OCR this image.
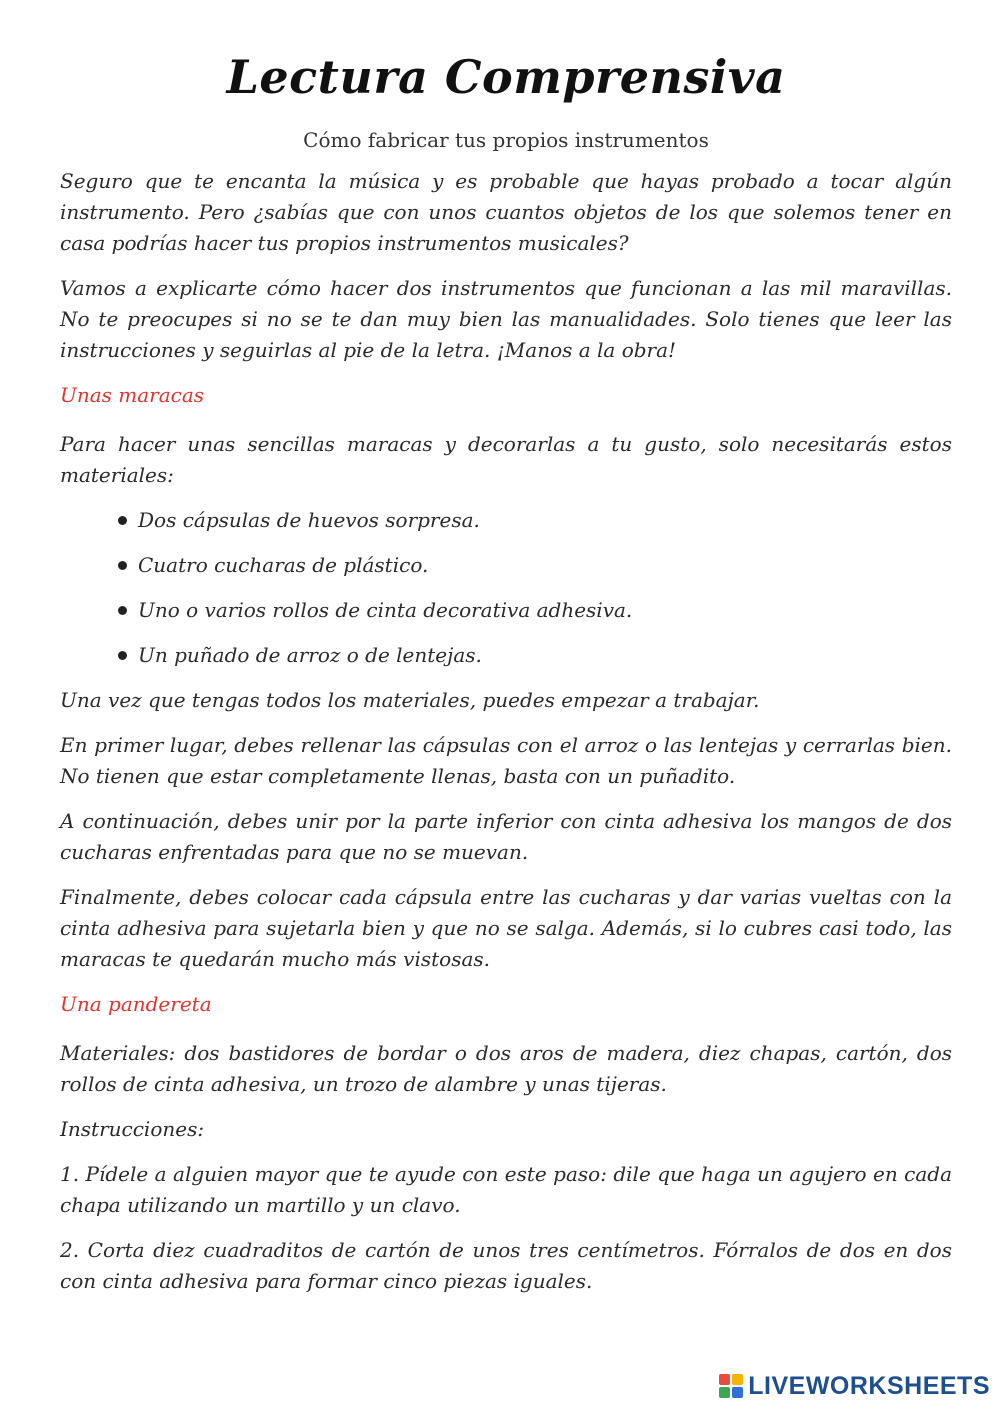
Lectura Comprensiva
Cómo fabricar tus propios instrumentos

Seguro que te encanta la música y es probable que hayas probado a tocar algún instrumento. Pero ¿sabías que con unos cuantos objetos de los que solemos tener en casa podrías hacer tus propios instrumentos musicales?

Vamos a explicarte cómo hacer dos instrumentos que funcionan a las mil maravillas. No te preocupes si no se te dan muy bien las manualidades. Solo tienes que leer las instrucciones y seguirlas al pie de la letra. ¡Manos a la obra!

Unas maracas

Para hacer unas sencillas maracas y decorarlas a tu gusto, solo necesitarás estos materiales:

Dos cápsulas de huevos sorpresa.
Cuatro cucharas de plástico.
Uno o varios rollos de cinta decorativa adhesiva.
Un puñado de arroz o de lentejas.

Una vez que tengas todos los materiales, puedes empezar a trabajar.

En primer lugar, debes rellenar las cápsulas con el arroz o las lentejas y cerrarlas bien. No tienen que estar completamente llenas, basta con un puñadito.

A continuación, debes unir por la parte inferior con cinta adhesiva los mangos de dos cucharas enfrentadas para que no se muevan.

Finalmente, debes colocar cada cápsula entre las cucharas y dar varias vueltas con la cinta adhesiva para sujetarla bien y que no se salga. Además, si lo cubres casi todo, las maracas te quedarán mucho más vistosas.

Una pandereta

Materiales: dos bastidores de bordar o dos aros de madera, diez chapas, cartón, dos rollos de cinta adhesiva, un trozo de alambre y unas tijeras.

Instrucciones:

1. Pídele a alguien mayor que te ayude con este paso: dile que haga un agujero en cada chapa utilizando un martillo y un clavo.

2. Corta diez cuadraditos de cartón de unos tres centímetros. Fórralos de dos en dos con cinta adhesiva para formar cinco piezas iguales.

LIVEWORKSHEETS
